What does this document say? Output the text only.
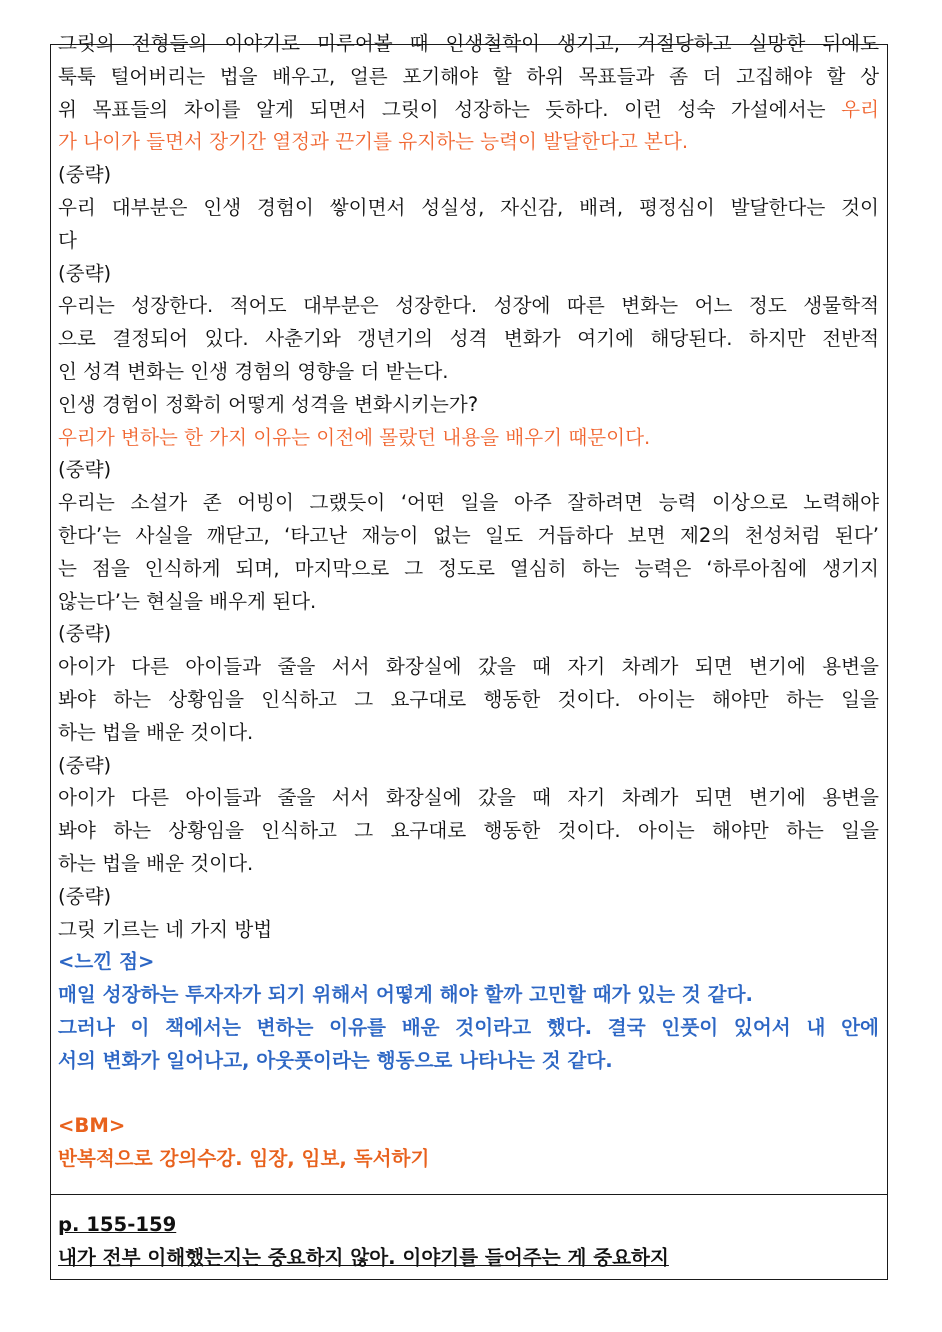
그릿의 전형들의 이야기로 미루어볼 때 인생철학이 생기고, 거절당하고 실망한 뒤에도
툭툭 털어버리는 법을 배우고, 얼른 포기해야 할 하위 목표들과 좀 더 고집해야 할 상
위 목표들의 차이를 알게 되면서 그릿이 성장하는 듯하다. 이런 성숙 가설에서는 우리
가 나이가 들면서 장기간 열정과 끈기를 유지하는 능력이 발달한다고 본다.
(중략)
우리 대부분은 인생 경험이 쌓이면서 성실성, 자신감, 배려, 평정심이 발달한다는 것이
다
(중략)
우리는 성장한다. 적어도 대부분은 성장한다. 성장에 따른 변화는 어느 정도 생물학적
으로 결정되어 있다. 사춘기와 갱년기의 성격 변화가 여기에 해당된다. 하지만 전반적
인 성격 변화는 인생 경험의 영향을 더 받는다.
인생 경험이 정확히 어떻게 성격을 변화시키는가?
우리가 변하는 한 가지 이유는 이전에 몰랐던 내용을 배우기 때문이다.
(중략)
우리는 소설가 존 어빙이 그랬듯이 ‘어떤 일을 아주 잘하려면 능력 이상으로 노력해야
한다’는 사실을 깨닫고, ‘타고난 재능이 없는 일도 거듭하다 보면 제2의 천성처럼 된다’
는 점을 인식하게 되며, 마지막으로 그 정도로 열심히 하는 능력은 ‘하루아침에 생기지
않는다’는 현실을 배우게 된다.
(중략)
아이가 다른 아이들과 줄을 서서 화장실에 갔을 때 자기 차례가 되면 변기에 용변을
봐야 하는 상황임을 인식하고 그 요구대로 행동한 것이다. 아이는 해야만 하는 일을
하는 법을 배운 것이다.
(중략)
아이가 다른 아이들과 줄을 서서 화장실에 갔을 때 자기 차례가 되면 변기에 용변을
봐야 하는 상황임을 인식하고 그 요구대로 행동한 것이다. 아이는 해야만 하는 일을
하는 법을 배운 것이다.
(중략)
그릿 기르는 네 가지 방법
<느낀 점>
매일 성장하는 투자자가 되기 위해서 어떻게 해야 할까 고민할 때가 있는 것 같다.
그러나 이 책에서는 변하는 이유를 배운 것이라고 했다. 결국 인풋이 있어서 내 안에
서의 변화가 일어나고, 아웃풋이라는 행동으로 나타나는 것 같다.
<BM>
반복적으로 강의수강. 임장, 임보, 독서하기
p. 155-159
내가 전부 이해했는지는 중요하지 않아. 이야기를 들어주는 게 중요하지
